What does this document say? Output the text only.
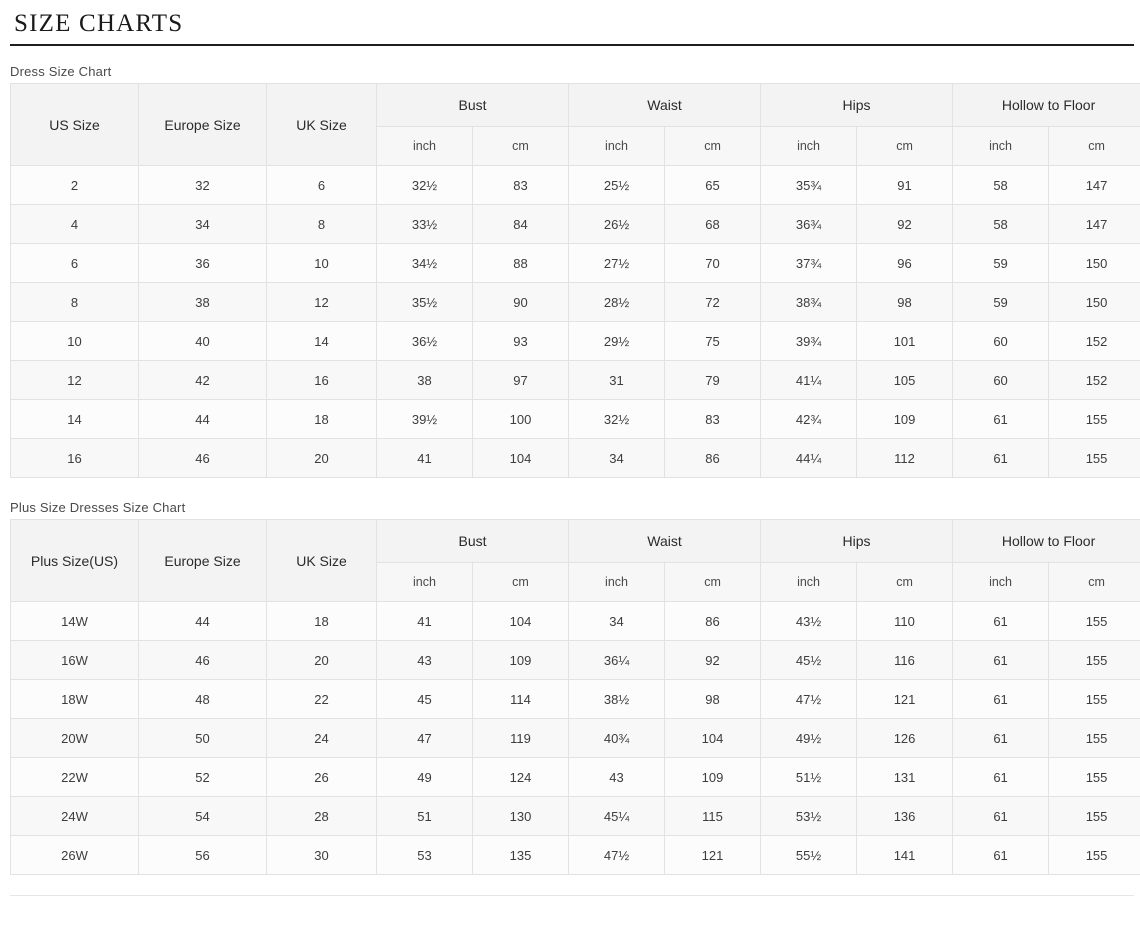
SIZE CHARTS

Dress Size Chart

US Size	Europe Size	UK Size	Bust		Waist		Hips		Hollow to Floor	
			inch	cm	inch	cm	inch	cm	inch	cm
2	32	6	32½	83	25½	65	35¾	91	58	147
4	34	8	33½	84	26½	68	36¾	92	58	147
6	36	10	34½	88	27½	70	37¾	96	59	150
8	38	12	35½	90	28½	72	38¾	98	59	150
10	40	14	36½	93	29½	75	39¾	101	60	152
12	42	16	38	97	31	79	41¼	105	60	152
14	44	18	39½	100	32½	83	42¾	109	61	155
16	46	20	41	104	34	86	44¼	112	61	155

Plus Size Dresses Size Chart

Plus Size(US)	Europe Size	UK Size	Bust		Waist		Hips		Hollow to Floor	
			inch	cm	inch	cm	inch	cm	inch	cm
14W	44	18	41	104	34	86	43½	110	61	155
16W	46	20	43	109	36¼	92	45½	116	61	155
18W	48	22	45	114	38½	98	47½	121	61	155
20W	50	24	47	119	40¾	104	49½	126	61	155
22W	52	26	49	124	43	109	51½	131	61	155
24W	54	28	51	130	45¼	115	53½	136	61	155
26W	56	30	53	135	47½	121	55½	141	61	155
